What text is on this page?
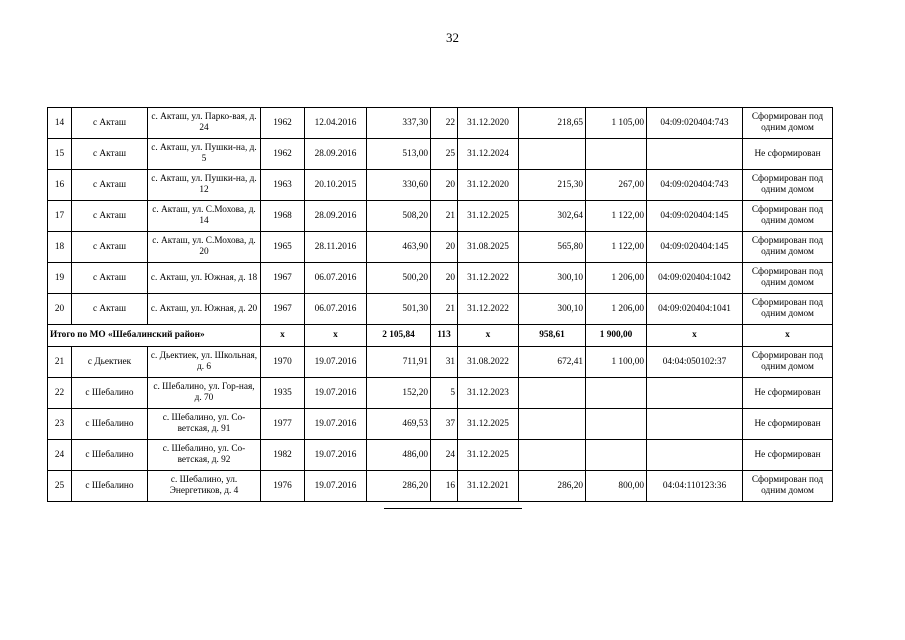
32
14	с Акташ	с. Акташ, ул. Парко-вая, д. 24	1962	12.04.2016	337,30	22	31.12.2020	218,65	1 105,00	04:09:020404:743	Сформирован под одним домом
15	с Акташ	с. Акташ, ул. Пушки-на, д. 5	1962	28.09.2016	513,00	25	31.12.2024				Не сформирован
16	с Акташ	с. Акташ, ул. Пушки-на, д. 12	1963	20.10.2015	330,60	20	31.12.2020	215,30	267,00	04:09:020404:743	Сформирован под одним домом
17	с Акташ	с. Акташ, ул. С.Мохова, д. 14	1968	28.09.2016	508,20	21	31.12.2025	302,64	1 122,00	04:09:020404:145	Сформирован под одним домом
18	с Акташ	с. Акташ, ул. С.Мохова, д. 20	1965	28.11.2016	463,90	20	31.08.2025	565,80	1 122,00	04:09:020404:145	Сформирован под одним домом
19	с Акташ	с. Акташ, ул. Южная, д. 18	1967	06.07.2016	500,20	20	31.12.2022	300,10	1 206,00	04:09:020404:1042	Сформирован под одним домом
20	с Акташ	с. Акташ, ул. Южная, д. 20	1967	06.07.2016	501,30	21	31.12.2022	300,10	1 206,00	04:09:020404:1041	Сформирован под одним домом
Итого по МО «Шебалинский район»			х	х	2 105,84	113	х	958,61	1 900,00	х	х
21	с Дьектиек	с. Дьектиек, ул. Школьная, д. 6	1970	19.07.2016	711,91	31	31.08.2022	672,41	1 100,00	04:04:050102:37	Сформирован под одним домом
22	с Шебалино	с. Шебалино, ул. Гор-ная, д. 70	1935	19.07.2016	152,20	5	31.12.2023				Не сформирован
23	с Шебалино	с. Шебалино, ул. Со-ветская, д. 91	1977	19.07.2016	469,53	37	31.12.2025				Не сформирован
24	с Шебалино	с. Шебалино, ул. Со-ветская, д. 92	1982	19.07.2016	486,00	24	31.12.2025				Не сформирован
25	с Шебалино	с. Шебалино, ул. Энергетиков, д. 4	1976	19.07.2016	286,20	16	31.12.2021	286,20	800,00	04:04:110123:36	Сформирован под одним домом
